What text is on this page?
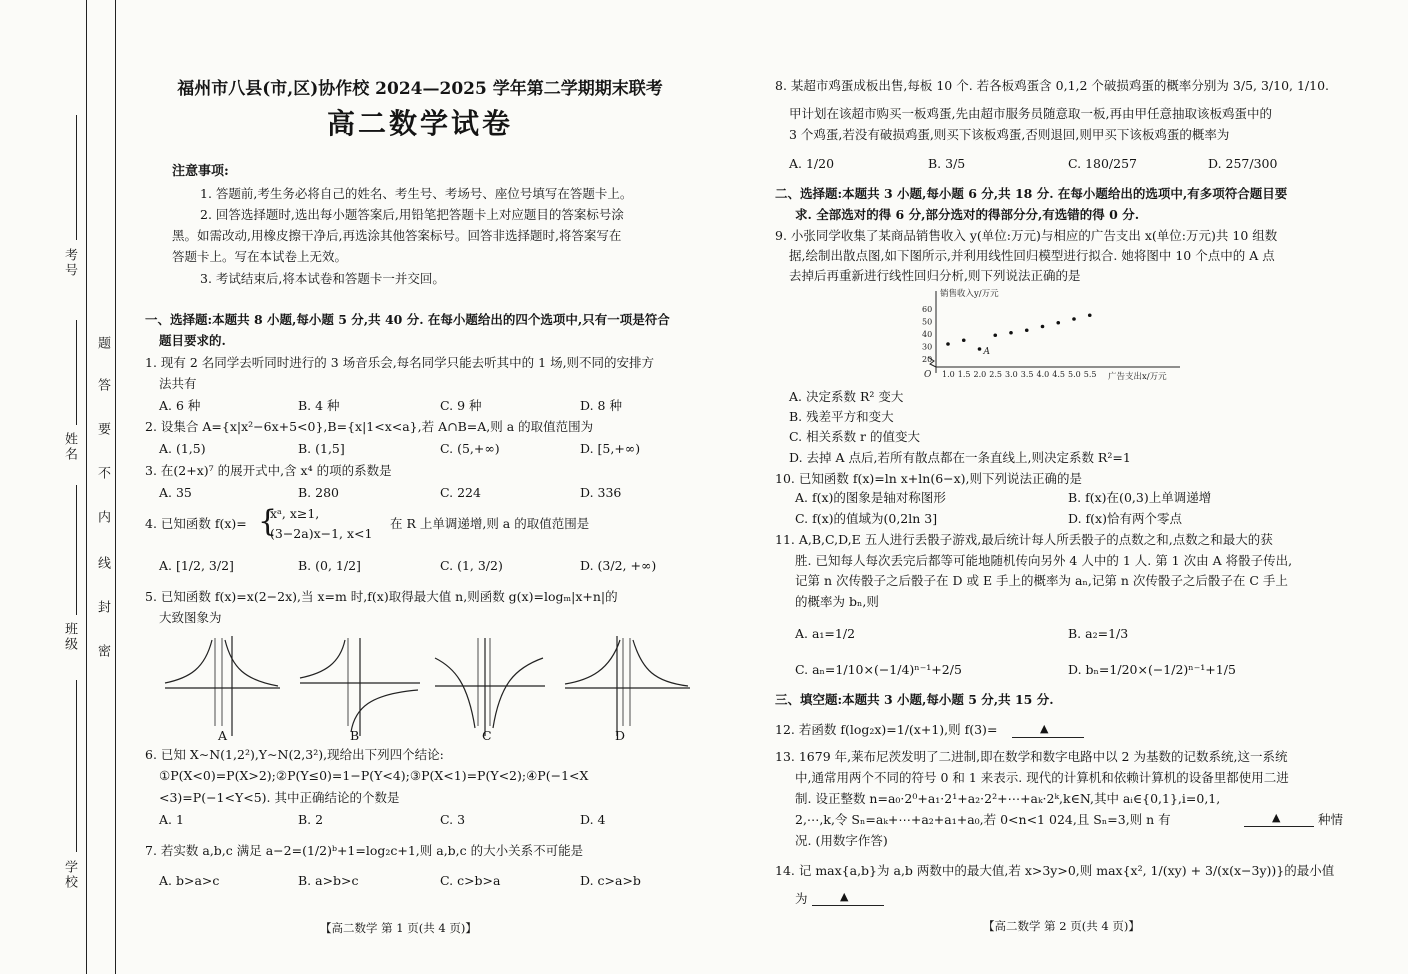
考号
姓名
班级
学校
题
答
要
不
内
线
封
密
福州市八县(市,区)协作校 2024—2025 学年第二学期期末联考
高二数学试卷
注意事项:
1. 答题前,考生务必将自己的姓名、考生号、考场号、座位号填写在答题卡上。
2. 回答选择题时,选出每小题答案后,用铅笔把答题卡上对应题目的答案标号涂
黑。如需改动,用橡皮擦干净后,再选涂其他答案标号。回答非选择题时,将答案写在
答题卡上。写在本试卷上无效。
3. 考试结束后,将本试卷和答题卡一并交回。
一、选择题:本题共 8 小题,每小题 5 分,共 40 分. 在每小题给出的四个选项中,只有一项是符合
题目要求的.
1. 现有 2 名同学去听同时进行的 3 场音乐会,每名同学只能去听其中的 1 场,则不同的安排方
法共有
A. 6 种	B. 4 种	C. 9 种	D. 8 种
2. 设集合 A={x|x²−6x+5<0},B={x|1<x<a},若 A∩B=A,则 a 的取值范围为
A. (1,5)	B. (1,5]	C. (5,+∞)	D. [5,+∞)
3. 在(2+x)⁷ 的展开式中,含 x⁴ 的项的系数是
A. 35	B. 280	C. 224	D. 336
4. 已知函数 f(x)= {
xᵃ, x≥1,
(3−2a)x−1, x<1
在 R 上单调递增,则 a 的取值范围是
A. [1/2, 3/2]	B. (0, 1/2]	C. (1, 3/2)	D. (3/2, +∞)
5. 已知函数 f(x)=x(2−2x),当 x=m 时,f(x)取得最大值 n,则函数 g(x)=logₘ|x+n|的
大致图象为
A	B	C	D
6. 已知 X∼N(1,2²),Y∼N(2,3²),现给出下列四个结论:
①P(X<0)=P(X>2);②P(Y≤0)=1−P(Y<4);③P(X<1)=P(Y<2);④P(−1<X
<3)=P(−1<Y<5). 其中正确结论的个数是
A. 1	B. 2	C. 3	D. 4
7. 若实数 a,b,c 满足 a−2=(1/2)ᵇ+1=log₂c+1,则 a,b,c 的大小关系不可能是
A. b>a>c	B. a>b>c	C. c>b>a	D. c>a>b
【高二数学 第 1 页(共 4 页)】
8. 某超市鸡蛋成板出售,每板 10 个. 若各板鸡蛋含 0,1,2 个破损鸡蛋的概率分别为 3/5, 3/10, 1/10.
甲计划在该超市购买一板鸡蛋,先由超市服务员随意取一板,再由甲任意抽取该板鸡蛋中的
3 个鸡蛋,若没有破损鸡蛋,则买下该板鸡蛋,否则退回,则甲买下该板鸡蛋的概率为
A. 1/20	B. 3/5	C. 180/257	D. 257/300
二、选择题:本题共 3 小题,每小题 6 分,共 18 分. 在每小题给出的选项中,有多项符合题目要
求. 全部选对的得 6 分,部分选对的得部分分,有选错的得 0 分.
9. 小张同学收集了某商品销售收入 y(单位:万元)与相应的广告支出 x(单位:万元)共 10 组数
据,绘制出散点图,如下图所示,并利用线性回归模型进行拟合. 她将图中 10 个点中的 A 点
去掉后再重新进行线性回归分析,则下列说法正确的是
1.0 1.5 2.0 2.5 3.0 3.5 4.0 4.5 5.0 5.5
20
30
40
50
60
销售收入y/万元
广告支出x/万元
O
A
A. 决定系数 R² 变大
B. 残差平方和变大
C. 相关系数 r 的值变大
D. 去掉 A 点后,若所有散点都在一条直线上,则决定系数 R²=1
10. 已知函数 f(x)=ln x+ln(6−x),则下列说法正确的是
A. f(x)的图象是轴对称图形	B. f(x)在(0,3)上单调递增
C. f(x)的值域为(0,2ln 3]	D. f(x)恰有两个零点
11. A,B,C,D,E 五人进行丢骰子游戏,最后统计每人所丢骰子的点数之和,点数之和最大的获
胜. 已知每人每次丢完后都等可能地随机传向另外 4 人中的 1 人. 第 1 次由 A 将骰子传出,
记第 n 次传骰子之后骰子在 D 或 E 手上的概率为 aₙ,记第 n 次传骰子之后骰子在 C 手上
的概率为 bₙ,则
A. a₁=1/2	B. a₂=1/3
C. aₙ=1/10×(−1/4)ⁿ⁻¹+2/5	D. bₙ=1/20×(−1/2)ⁿ⁻¹+1/5
三、填空题:本题共 3 小题,每小题 5 分,共 15 分.
12. 若函数 f(log₂x)=1/(x+1),则 f(3)=	▲
13. 1679 年,莱布尼茨发明了二进制,即在数学和数字电路中以 2 为基数的记数系统,这一系统
中,通常用两个不同的符号 0 和 1 来表示. 现代的计算机和依赖计算机的设备里都使用二进
制. 设正整数 n=a₀·2⁰+a₁·2¹+a₂·2²+⋯+aₖ·2ᵏ,k∈N,其中 aᵢ∈{0,1},i=0,1,
2,⋯,k,令 Sₙ=aₖ+⋯+a₂+a₁+a₀,若 0<n<1 024,且 Sₙ=3,则 n 有	▲	种情
况. (用数字作答)
14. 记 max{a,b}为 a,b 两数中的最大值,若 x>3y>0,则 max{x², 1/(xy) + 3/(x(x−3y))}的最小值
为	▲
【高二数学 第 2 页(共 4 页)】
